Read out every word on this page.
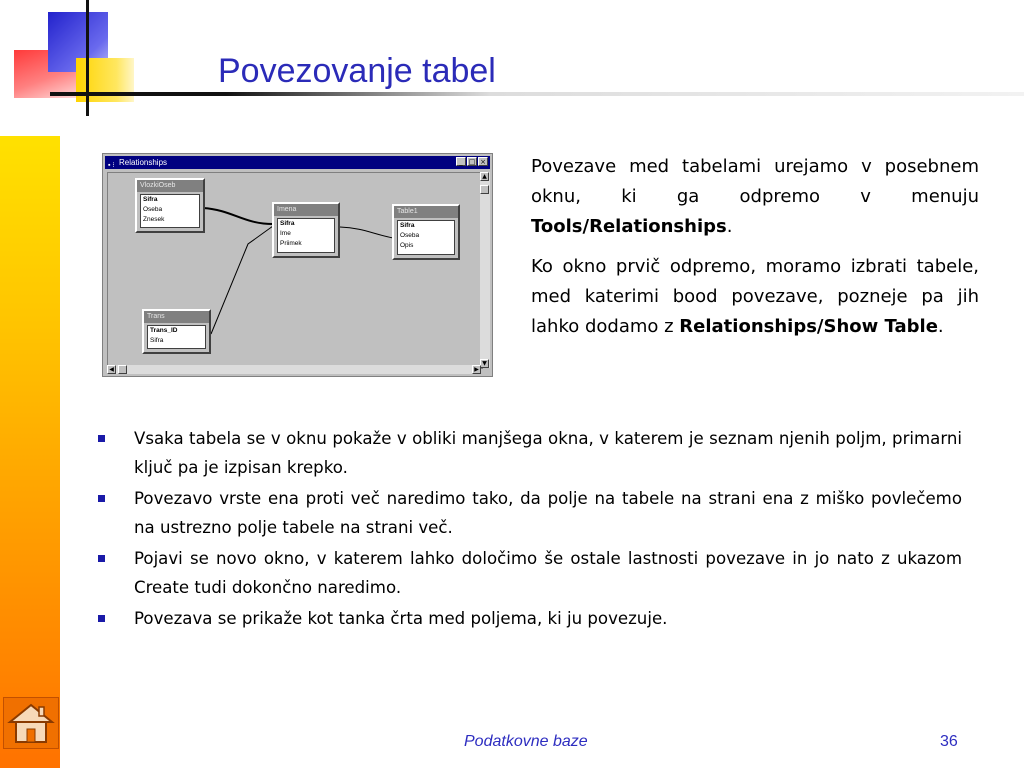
Povezovanje tabel
▪ ⁝ Relationships	_ □ ×
VlozkiOseb
Sifra
Oseba
Znesek
Imena
Sifra
Ime
Priimek
Table1
Sifra
Oseba
Opis
Trans
Trans_ID
Sifra
▲
▼
◀	▶

Povezave med tabelami urejamo v posebnem oknu, ki ga odpremo v menuju Tools/Relationships.

Ko okno prvič odpremo, moramo izbrati tabele, med katerimi bood povezave, pozneje pa jih lahko dodamo z Relationships/Show Table.

Vsaka tabela se v oknu pokaže v obliki manjšega okna, v katerem je seznam njenih poljm, primarni ključ pa je izpisan krepko.
Povezavo vrste ena proti več naredimo tako, da polje na tabele na strani ena z miško povlečemo na ustrezno polje tabele na strani več.
Pojavi se novo okno, v katerem lahko določimo še ostale lastnosti povezave in jo nato z ukazom Create tudi dokončno naredimo.
Povezava se prikaže kot tanka črta med poljema, ki ju povezuje.
Podatkovne baze	36
